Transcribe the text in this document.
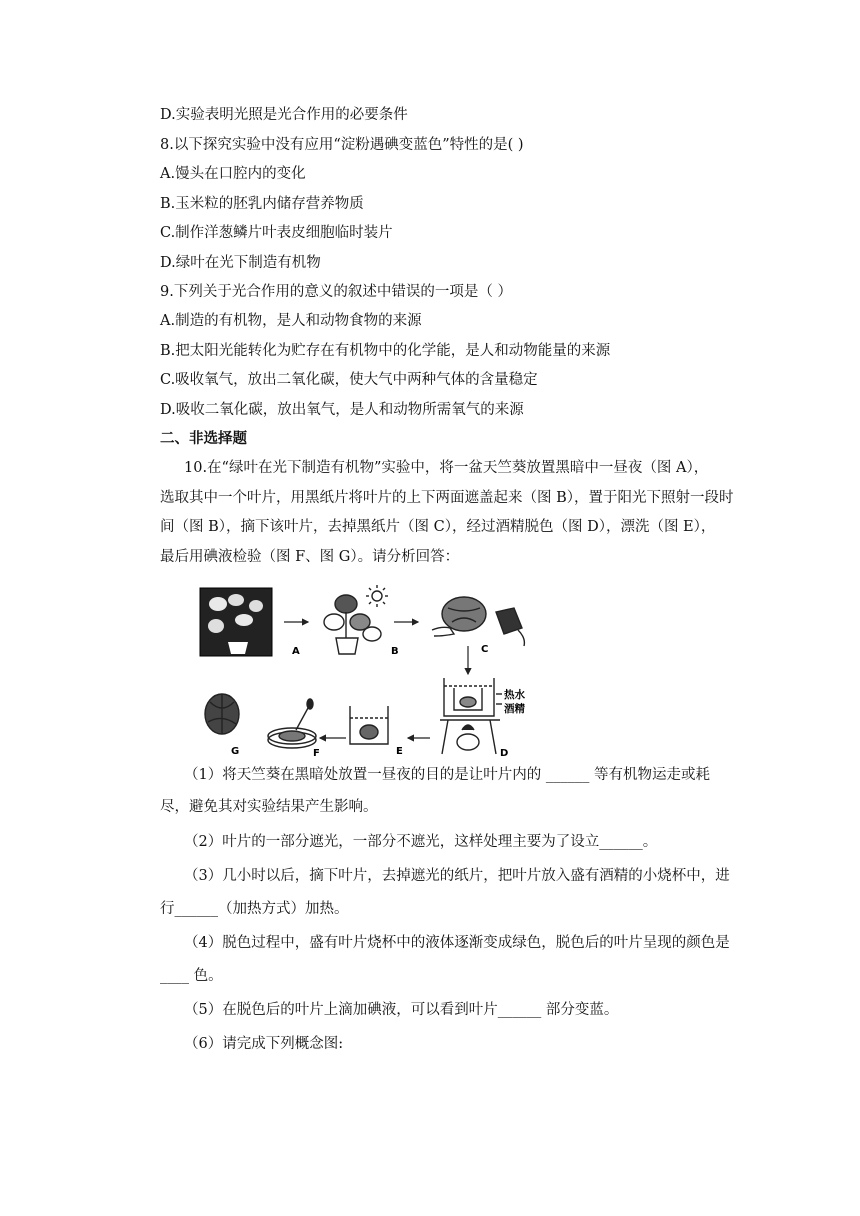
D.实验表明光照是光合作用的必要条件
8.以下探究实验中没有应用“淀粉遇碘变蓝色”特性的是( )
A.馒头在口腔内的变化
B.玉米粒的胚乳内储存营养物质
C.制作洋葱鳞片叶表皮细胞临时装片
D.绿叶在光下制造有机物
9.下列关于光合作用的意义的叙述中错误的一项是（ ）
A.制造的有机物，是人和动物食物的来源
B.把太阳光能转化为贮存在有机物中的化学能，是人和动物能量的来源
C.吸收氧气，放出二氧化碳，使大气中两种气体的含量稳定
D.吸收二氧化碳，放出氧气，是人和动物所需氧气的来源
二、非选择题
10.在“绿叶在光下制造有机物”实验中，将一盆天竺葵放置黑暗中一昼夜（图 A），
选取其中一个叶片，用黑纸片将叶片的上下两面遮盖起来（图 B），置于阳光下照射一段时
间（图 B），摘下该叶片，去掉黑纸片（图 C），经过酒精脱色（图 D），漂洗（图 E），
最后用碘液检验（图 F、图 G）。请分析回答：
A	B	C
热水
酒精
D
E
F
G
（1）将天竺葵在黑暗处放置一昼夜的目的是让叶片内的 ______ 等有机物运走或耗
尽，避免其对实验结果产生影响。
（2）叶片的一部分遮光，一部分不遮光，这样处理主要为了设立______。
（3）几小时以后，摘下叶片，去掉遮光的纸片，把叶片放入盛有酒精的小烧杯中，进
行______（加热方式）加热。
（4）脱色过程中，盛有叶片烧杯中的液体逐渐变成绿色，脱色后的叶片呈现的颜色是
____ 色。
（5）在脱色后的叶片上滴加碘液，可以看到叶片______ 部分变蓝。
（6）请完成下列概念图:
